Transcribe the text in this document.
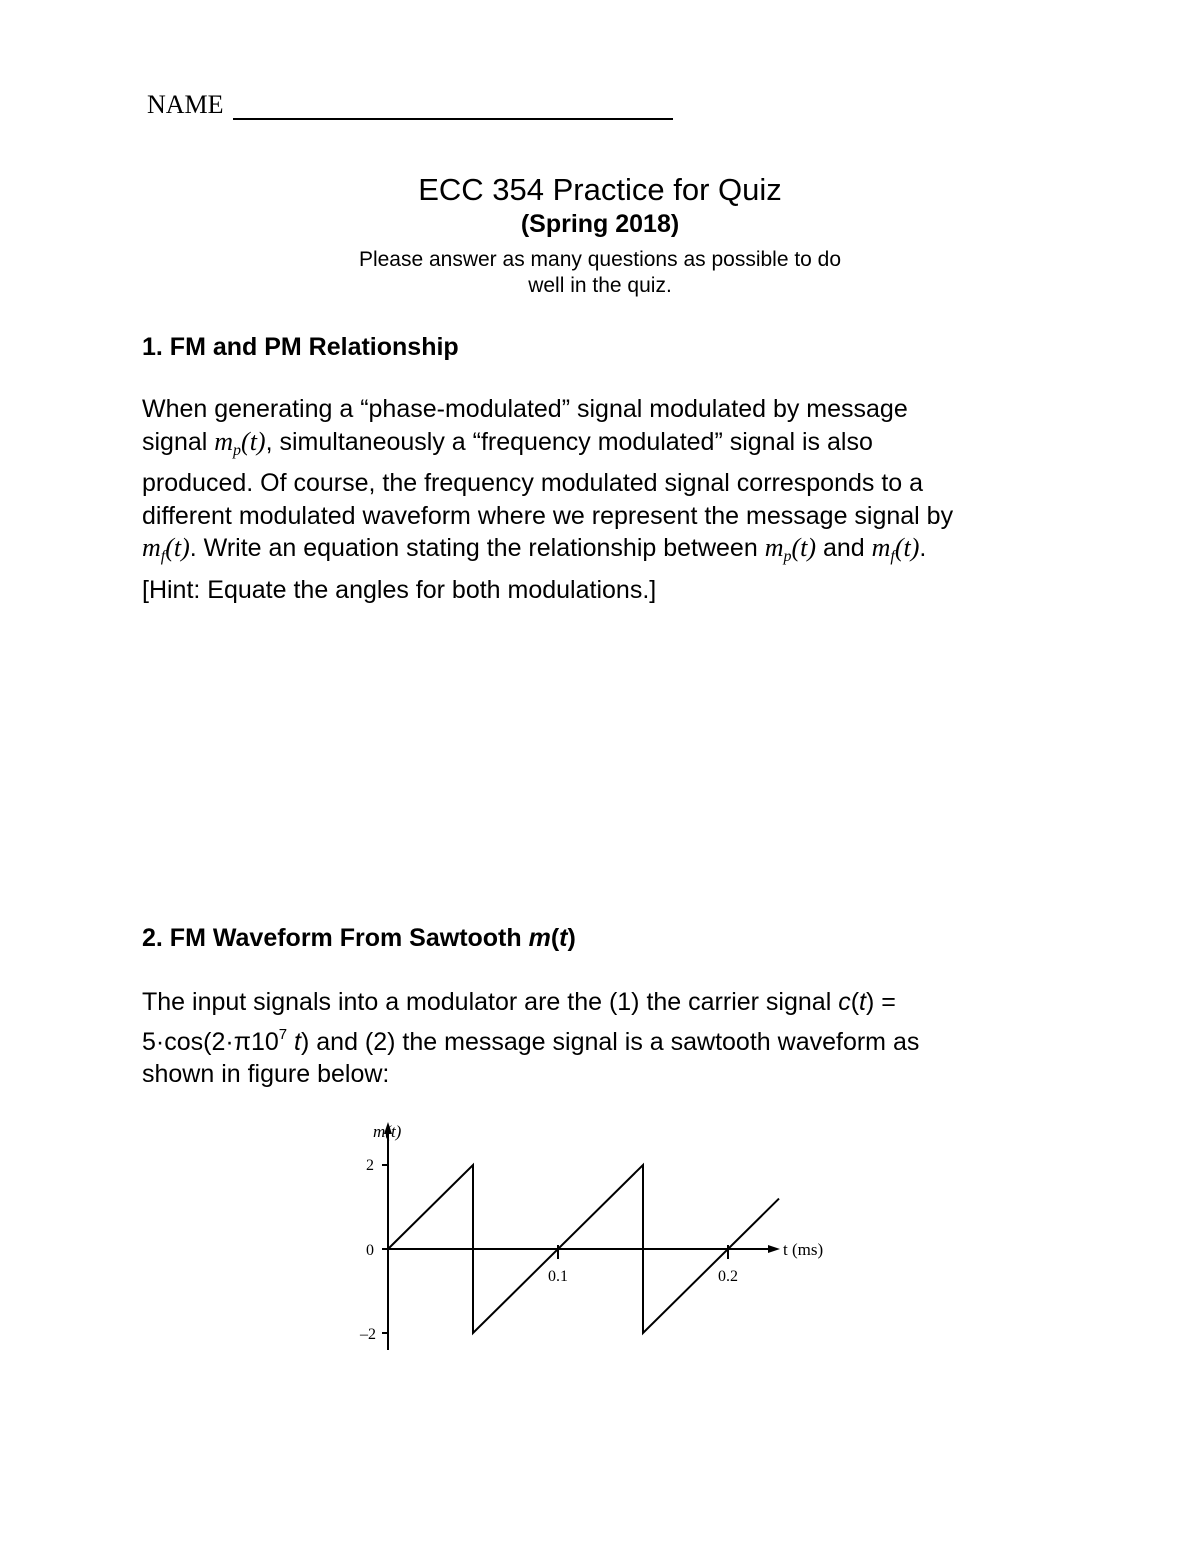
NAME
ECC 354 Practice for Quiz
(Spring 2018)
Please answer as many questions as possible to do
well in the quiz.
1. FM and PM Relationship
When generating a “phase-modulated” signal modulated by message
signal $m_p(t)$, simultaneously a “frequency modulated” signal is also
produced. Of course, the frequency modulated signal corresponds to a
different modulated waveform where we represent the message signal by
$m_f(t)$. Write an equation stating the relationship between $m_p(t)$ and $m_f(t)$.
[Hint: Equate the angles for both modulations.]
2. FM Waveform From Sawtooth m(t)
The input signals into a modulator are the (1) the carrier signal c(t) =
$5\cdot\cos(2\cdot\pi 10^7$ t) and (2) the message signal is a sawtooth waveform as
shown in figure below:
m(t)
t (ms)
2
0
–2
0.1	0.2
